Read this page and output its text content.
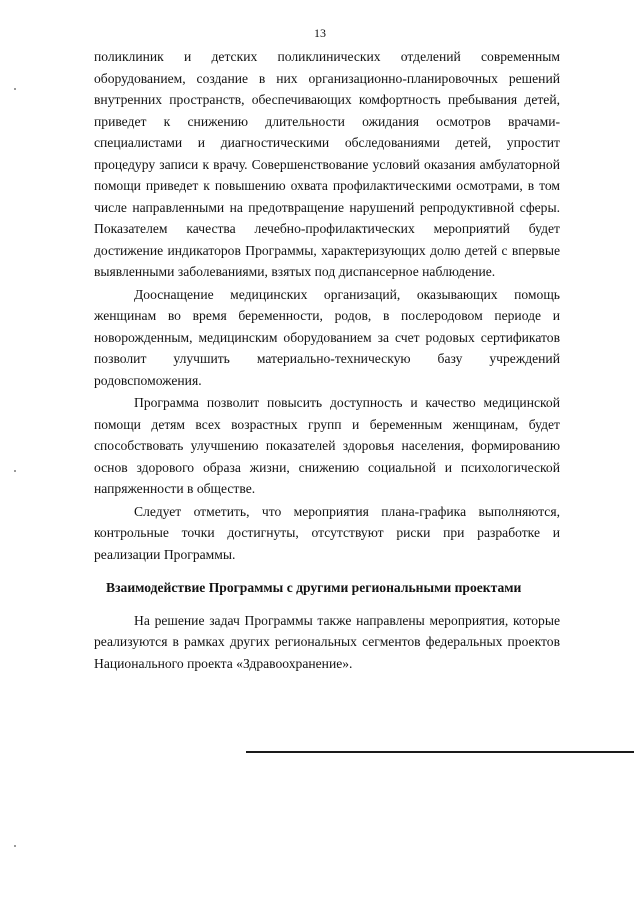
13

поликлиник и детских поликлинических отделений современным оборудованием, создание в них организационно-планировочных решений внутренних пространств, обеспечивающих комфортность пребывания детей, приведет к снижению длительности ожидания осмотров врачами-специалистами и диагностическими обследованиями детей, упростит процедуру записи к врачу. Совершенствование условий оказания амбулаторной помощи приведет к повышению охвата профилактическими осмотрами, в том числе направленными на предотвращение нарушений репродуктивной сферы. Показателем качества лечебно-профилактических мероприятий будет достижение индикаторов Программы, характеризующих долю детей с впервые выявленными заболеваниями, взятых под диспансерное наблюдение.

Дооснащение медицинских организаций, оказывающих помощь женщинам во время беременности, родов, в послеродовом периоде и новорожденным, медицинским оборудованием за счет родовых сертификатов позволит улучшить материально-техническую базу учреждений родовспоможения.

Программа позволит повысить доступность и качество медицинской помощи детям всех возрастных групп и беременным женщинам, будет способствовать улучшению показателей здоровья населения, формированию основ здорового образа жизни, снижению социальной и психологической напряженности в обществе.

Следует отметить, что мероприятия плана-графика выполняются, контрольные точки достигнуты, отсутствуют риски при разработке и реализации Программы.

Взаимодействие Программы с другими региональными проектами

На решение задач Программы также направлены мероприятия, которые реализуются в рамках других региональных сегментов федеральных проектов Национального проекта «Здравоохранение».
